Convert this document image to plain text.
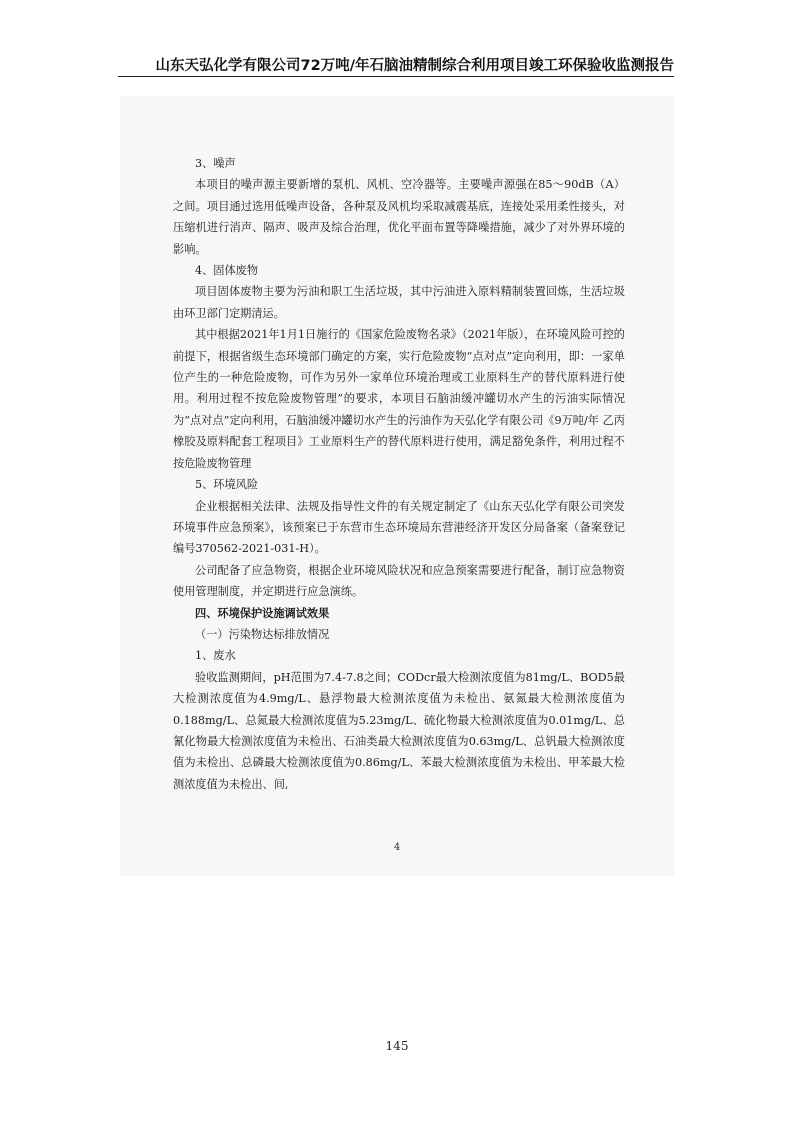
山东天弘化学有限公司72万吨/年石脑油精制综合利用项目竣工环保验收监测报告

3、噪声

本项目的噪声源主要新增的泵机、风机、空冷器等。主要噪声源强在85～90dB（A）之间。项目通过选用低噪声设备，各种泵及风机均采取减震基底，连接处采用柔性接头，对压缩机进行消声、隔声、吸声及综合治理，优化平面布置等降噪措施，减少了对外界环境的影响。

4、固体废物

项目固体废物主要为污油和职工生活垃圾，其中污油进入原料精制装置回炼，生活垃圾由环卫部门定期清运。

其中根据2021年1月1日施行的《国家危险废物名录》（2021年版），在环境风险可控的前提下，根据省级生态环境部门确定的方案，实行危险废物“点对点”定向利用，即：一家单位产生的一种危险废物，可作为另外一家单位环境治理或工业原料生产的替代原料进行使用。利用过程不按危险废物管理”的要求，本项目石脑油缓冲罐切水产生的污油实际情况为“点对点”定向利用，石脑油缓冲罐切水产生的污油作为天弘化学有限公司《9万吨/年 乙丙橡胶及原料配套工程项目》工业原料生产的替代原料进行使用，满足豁免条件，利用过程不按危险废物管理

5、环境风险

企业根据相关法律、法规及指导性文件的有关规定制定了《山东天弘化学有限公司突发环境事件应急预案》，该预案已于东营市生态环境局东营港经济开发区分局备案（备案登记编号370562-2021-031-H）。

公司配备了应急物资，根据企业环境风险状况和应急预案需要进行配备，制订应急物资使用管理制度，并定期进行应急演练。

四、环境保护设施调试效果

（一）污染物达标排放情况

1、废水

验收监测期间，pH范围为7.4-7.8之间；CODcr最大检测浓度值为81mg/L、BOD5最大检测浓度值为4.9mg/L、悬浮物最大检测浓度值为未检出、氨氮最大检测浓度值为0.188mg/L、总氮最大检测浓度值为5.23mg/L、硫化物最大检测浓度值为0.01mg/L、总氰化物最大检测浓度值为未检出、石油类最大检测浓度值为0.63mg/L、总钒最大检测浓度值为未检出、总磷最大检测浓度值为0.86mg/L、苯最大检测浓度值为未检出、甲苯最大检测浓度值为未检出、间,

4
145
